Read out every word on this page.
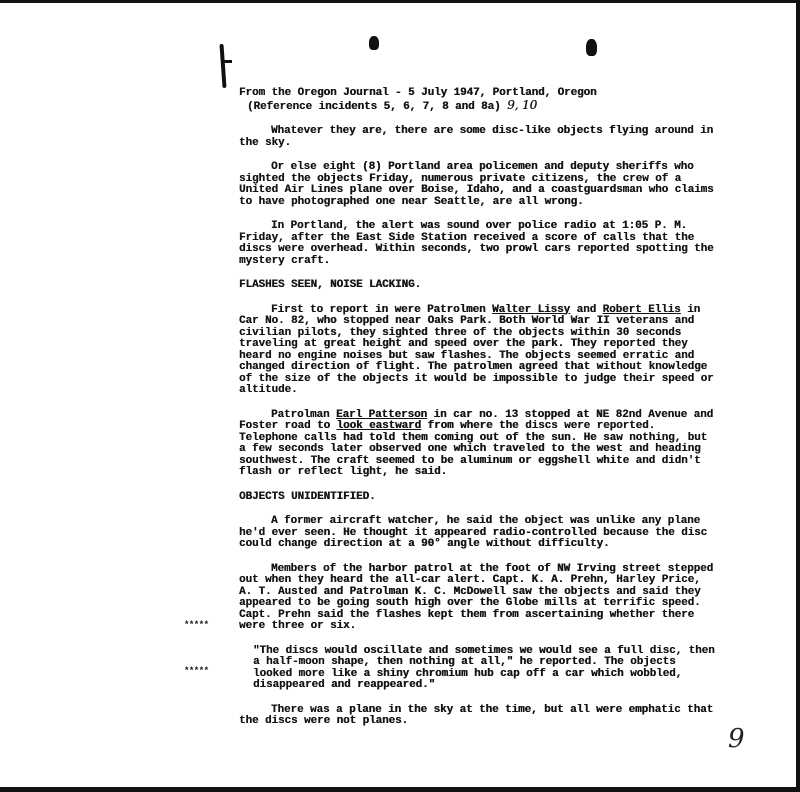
From the Oregon Journal - 5 July 1947, Portland, Oregon
(Reference incidents 5, 6, 7, 8 and 8a) 9, 10

Whatever they are, there are some disc-like objects flying around in the sky.

Or else eight (8) Portland area policemen and deputy sheriffs who sighted the objects Friday, numerous private citizens, the crew of a United Air Lines plane over Boise, Idaho, and a coastguardsman who claims to have photographed one near Seattle, are all wrong.

In Portland, the alert was sound over police radio at 1:05 P. M. Friday, after the East Side Station received a score of calls that the discs were overhead. Within seconds, two prowl cars reported spotting the mystery craft.

FLASHES SEEN, NOISE LACKING.

First to report in were Patrolmen Walter Lissy and Robert Ellis in Car No. 82, who stopped near Oaks Park. Both World War II veterans and civilian pilots, they sighted three of the objects within 30 seconds traveling at great height and speed over the park. They reported they heard no engine noises but saw flashes. The objects seemed erratic and changed direction of flight. The patrolmen agreed that without knowledge of the size of the objects it would be impossible to judge their speed or altitude.

Patrolman Earl Patterson in car no. 13 stopped at NE 82nd Avenue and Foster road to look eastward from where the discs were reported. Telephone calls had told them coming out of the sun. He saw nothing, but a few seconds later observed one which traveled to the west and heading southwest. The craft seemed to be aluminum or eggshell white and didn't flash or reflect light, he said.

OBJECTS UNIDENTIFIED.

A former aircraft watcher, he said the object was unlike any plane he'd ever seen. He thought it appeared radio-controlled because the disc could change direction at a 90° angle without difficulty.

Members of the harbor patrol at the foot of NW Irving street stepped out when they heard the all-car alert. Capt. K. A. Prehn, Harley Price, A. T. Austed and Patrolman K. C. McDowell saw the objects and said they appeared to be going south high over the Globe mills at terrific speed. Capt. Prehn said the flashes kept them from ascertaining whether there were three or six.

"The discs would oscillate and sometimes we would see a full disc, then a half-moon shape, then nothing at all," he reported. The objects looked more like a shiny chromium hub cap off a car which wobbled, disappeared and reappeared."

There was a plane in the sky at the time, but all were emphatic that the discs were not planes.

*****
*****
9
